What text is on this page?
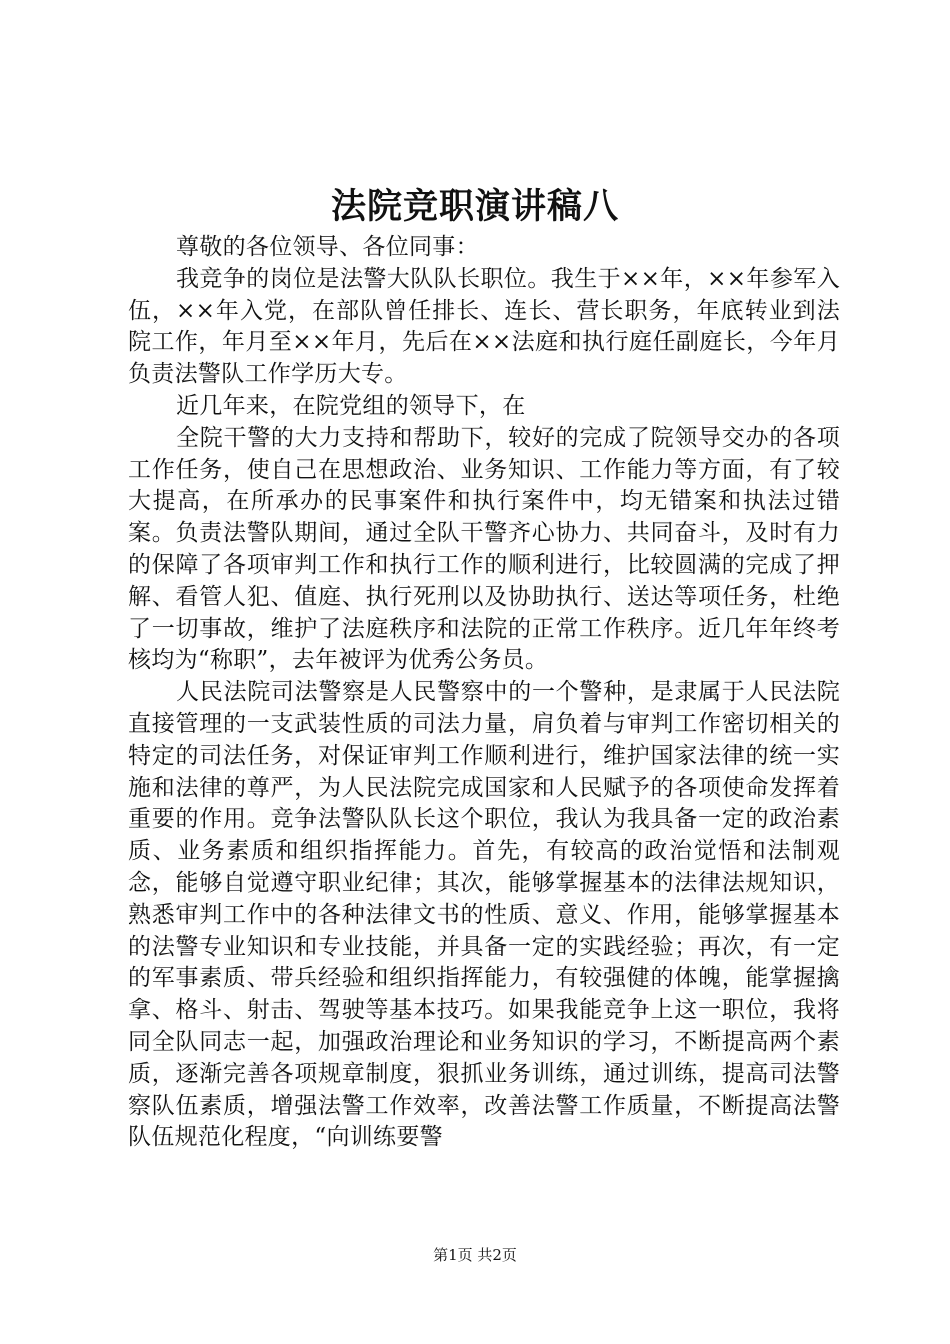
法院竞职演讲稿八

尊敬的各位领导、各位同事：

我竞争的岗位是法警大队队长职位。我生于××年，××年参军入伍，××年入党，在部队曾任排长、连长、营长职务，年底转业到法院工作，年月至××年月，先后在××法庭和执行庭任副庭长，今年月负责法警队工作学历大专。

近几年来，在院党组的领导下，在

全院干警的大力支持和帮助下，较好的完成了院领导交办的各项工作任务，使自己在思想政治、业务知识、工作能力等方面，有了较大提高，在所承办的民事案件和执行案件中，均无错案和执法过错案。负责法警队期间，通过全队干警齐心协力、共同奋斗，及时有力的保障了各项审判工作和执行工作的顺利进行，比较圆满的完成了押解、看管人犯、值庭、执行死刑以及协助执行、送达等项任务，杜绝了一切事故，维护了法庭秩序和法院的正常工作秩序。近几年年终考核均为“称职”，去年被评为优秀公务员。

人民法院司法警察是人民警察中的一个警种，是隶属于人民法院直接管理的一支武装性质的司法力量，肩负着与审判工作密切相关的特定的司法任务，对保证审判工作顺利进行，维护国家法律的统一实施和法律的尊严，为人民法院完成国家和人民赋予的各项使命发挥着重要的作用。竞争法警队队长这个职位，我认为我具备一定的政治素质、业务素质和组织指挥能力。首先，有较高的政治觉悟和法制观念，能够自觉遵守职业纪律；其次，能够掌握基本的法律法规知识，熟悉审判工作中的各种法律文书的性质、意义、作用，能够掌握基本的法警专业知识和专业技能，并具备一定的实践经验；再次，有一定的军事素质、带兵经验和组织指挥能力，有较强健的体魄，能掌握擒拿、格斗、射击、驾驶等基本技巧。如果我能竞争上这一职位，我将同全队同志一起，加强政治理论和业务知识的学习，不断提高两个素质，逐渐完善各项规章制度，狠抓业务训练，通过训练，提高司法警察队伍素质，增强法警工作效率，改善法警工作质量，不断提高法警队伍规范化程度，“向训练要警

第1页 共2页
